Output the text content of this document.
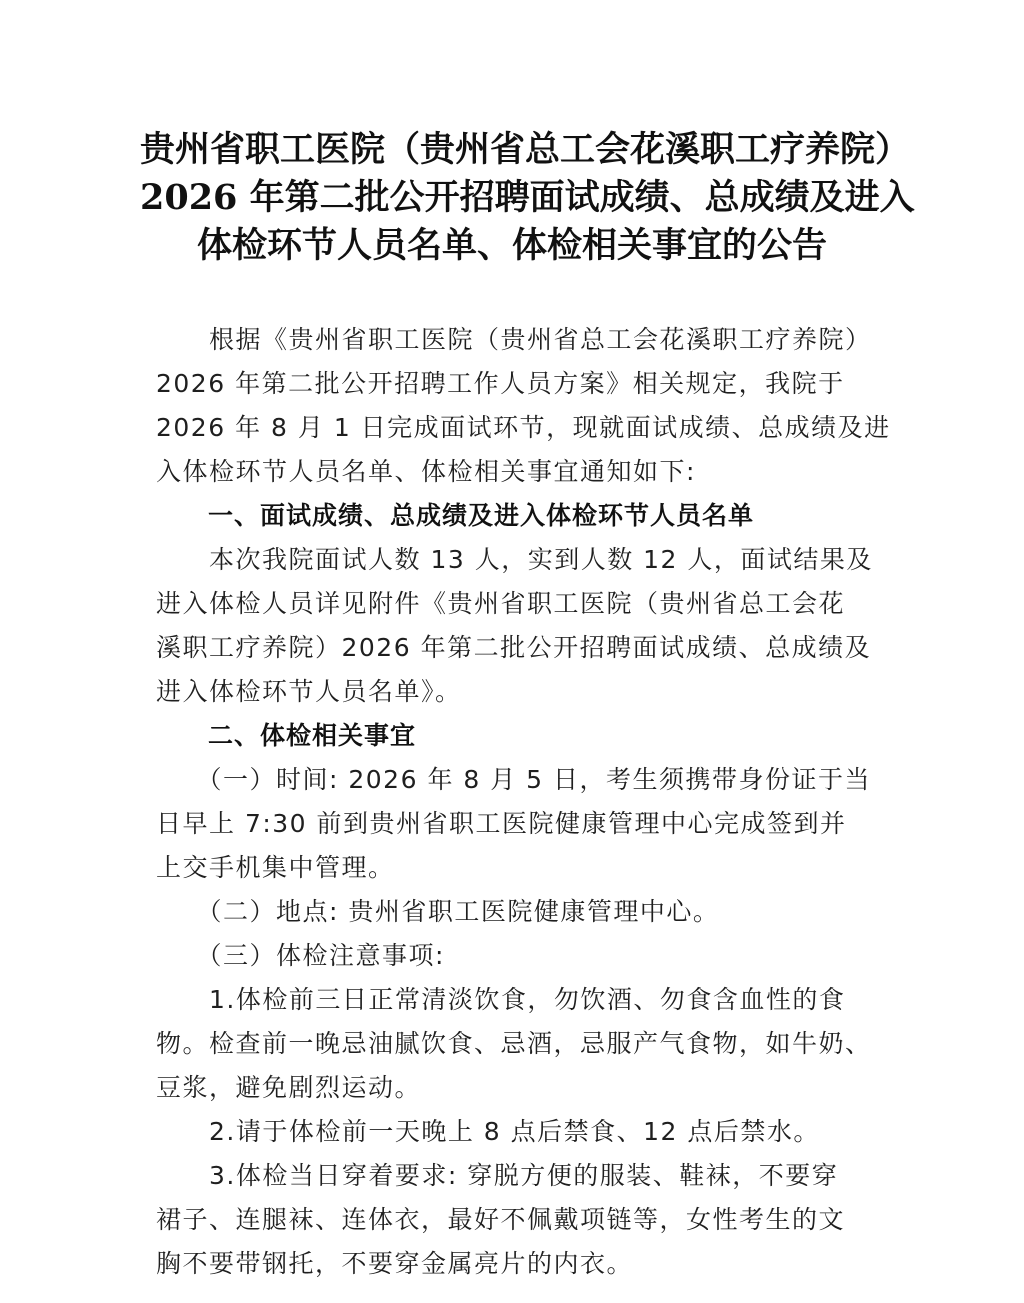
贵州省职工医院（贵州省总工会花溪职工疗养院）
2026 年第二批公开招聘面试成绩、总成绩及进入
体检环节人员名单、体检相关事宜的公告
　　根据《贵州省职工医院（贵州省总工会花溪职工疗养院）
2026 年第二批公开招聘工作人员方案》相关规定，我院于
2026 年 8 月 1 日完成面试环节，现就面试成绩、总成绩及进
入体检环节人员名单、体检相关事宜通知如下:
　　一、面试成绩、总成绩及进入体检环节人员名单
　　本次我院面试人数 13 人，实到人数 12 人，面试结果及
进入体检人员详见附件《贵州省职工医院（贵州省总工会花
溪职工疗养院）2026 年第二批公开招聘面试成绩、总成绩及
进入体检环节人员名单》。
　　二、体检相关事宜
　　（一）时间: 2026 年 8 月 5 日，考生须携带身份证于当
日早上 7:30 前到贵州省职工医院健康管理中心完成签到并
上交手机集中管理。
　　（二）地点: 贵州省职工医院健康管理中心。
　　（三）体检注意事项:
　　1.体检前三日正常清淡饮食，勿饮酒、勿食含血性的食
物。检查前一晚忌油腻饮食、忌酒，忌服产气食物，如牛奶、
豆浆，避免剧烈运动。
　　2.请于体检前一天晚上 8 点后禁食、12 点后禁水。
　　3.体检当日穿着要求: 穿脱方便的服装、鞋袜，不要穿
裙子、连腿袜、连体衣，最好不佩戴项链等，女性考生的文
胸不要带钢托，不要穿金属亮片的内衣。
